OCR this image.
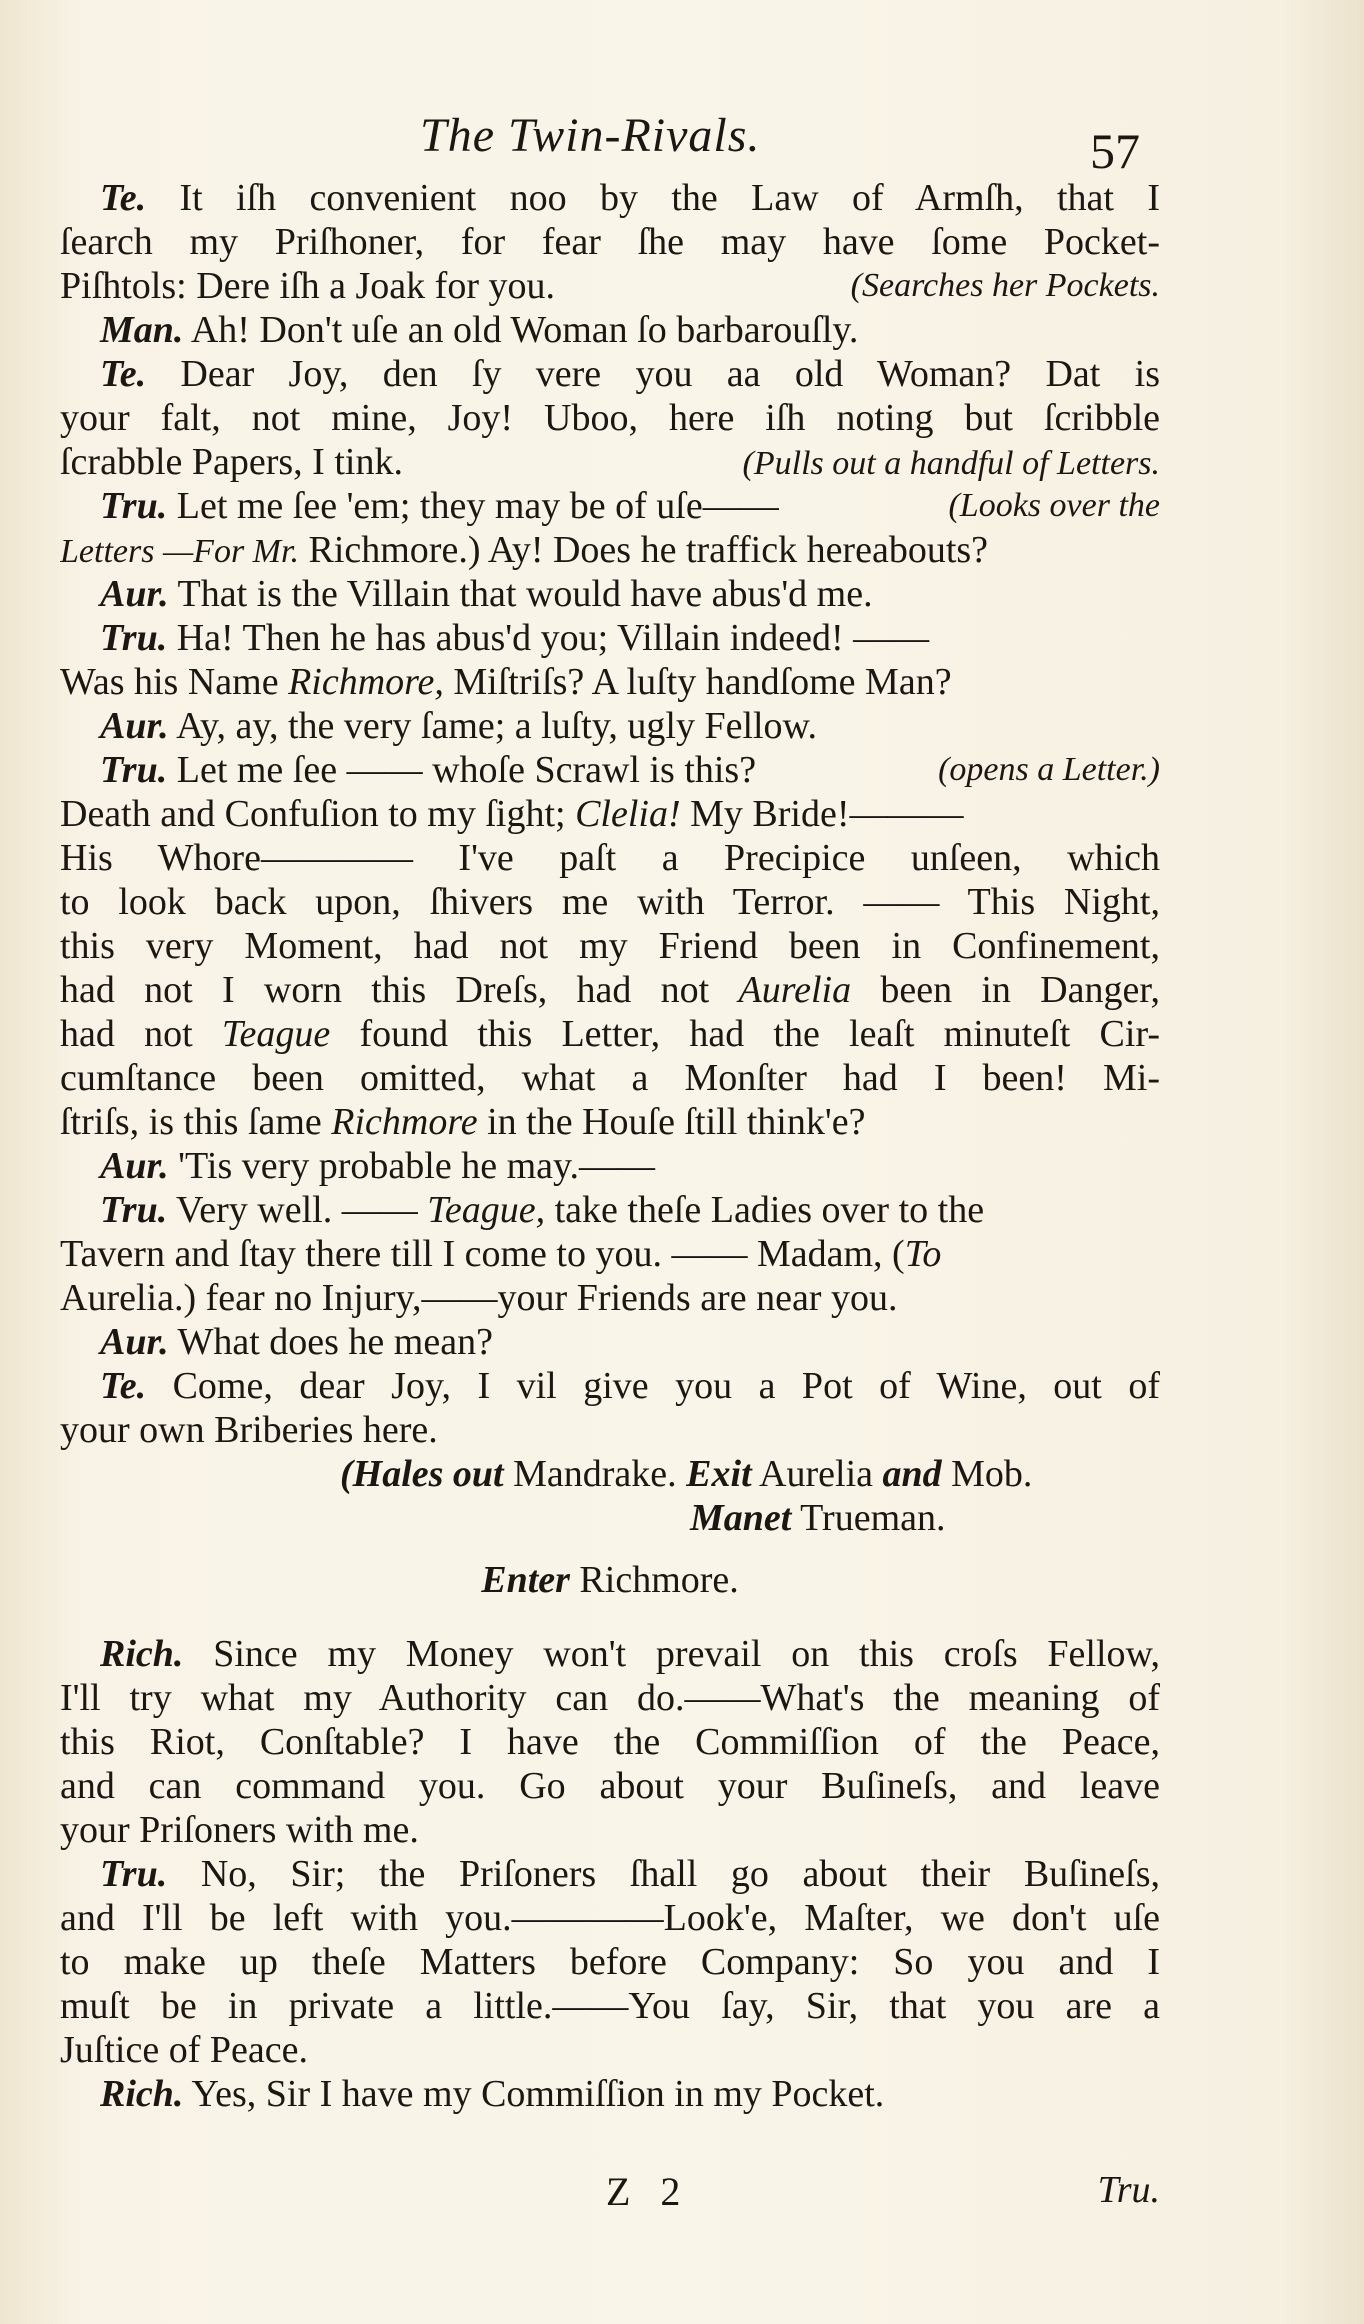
The Twin-Rivals.	57
Te. It iſh convenient noo by the Law of Armſh, that I
ſearch my Priſhoner, for fear ſhe may have ſome Pocket-
Piſhtols: Dere iſh a Joak for you.	(Searches her Pockets.
Man. Ah! Don't uſe an old Woman ſo barbarouſly.
Te. Dear Joy, den ſy vere you aa old Woman? Dat is
your falt, not mine, Joy! Uboo, here iſh noting but ſcribble
ſcrabble Papers, I tink.	(Pulls out a handful of Letters.
Tru. Let me ſee 'em; they may be of uſe——	(Looks over the
Letters —For Mr. Richmore.) Ay! Does he traffick hereabouts?
Aur. That is the Villain that would have abus'd me.
Tru. Ha! Then he has abus'd you; Villain indeed! ——
Was his Name Richmore, Miſtriſs? A luſty handſome Man?
Aur. Ay, ay, the very ſame; a luſty, ugly Fellow.
Tru. Let me ſee —— whoſe Scrawl is this?	(opens a Letter.)
Death and Confuſion to my ſight; Clelia! My Bride!———
His Whore———— I've paſt a Precipice unſeen, which
to look back upon, ſhivers me with Terror. —— This Night,
this very Moment, had not my Friend been in Confinement,
had not I worn this Dreſs, had not Aurelia been in Danger,
had not Teague found this Letter, had the leaſt minuteſt Cir-
cumſtance been omitted, what a Monſter had I been! Mi-
ſtriſs, is this ſame Richmore in the Houſe ſtill think'e?
Aur. 'Tis very probable he may.——
Tru. Very well. —— Teague, take theſe Ladies over to the
Tavern and ſtay there till I come to you. —— Madam, (To
Aurelia.) fear no Injury,——your Friends are near you.
Aur. What does he mean?
Te. Come, dear Joy, I vil give you a Pot of Wine, out of
your own Briberies here.
(Hales out Mandrake. Exit Aurelia and Mob.
Manet Trueman.
Enter Richmore.
Rich. Since my Money won't prevail on this croſs Fellow,
I'll try what my Authority can do.——What's the meaning of
this Riot, Conſtable? I have the Commiſſion of the Peace,
and can command you. Go about your Buſineſs, and leave
your Priſoners with me.
Tru. No, Sir; the Priſoners ſhall go about their Buſineſs,
and I'll be left with you.————Look'e, Maſter, we don't uſe
to make up theſe Matters before Company: So you and I
muſt be in private a little.——You ſay, Sir, that you are a
Juſtice of Peace.
Rich. Yes, Sir I have my Commiſſion in my Pocket.
Z 2	Tru.
